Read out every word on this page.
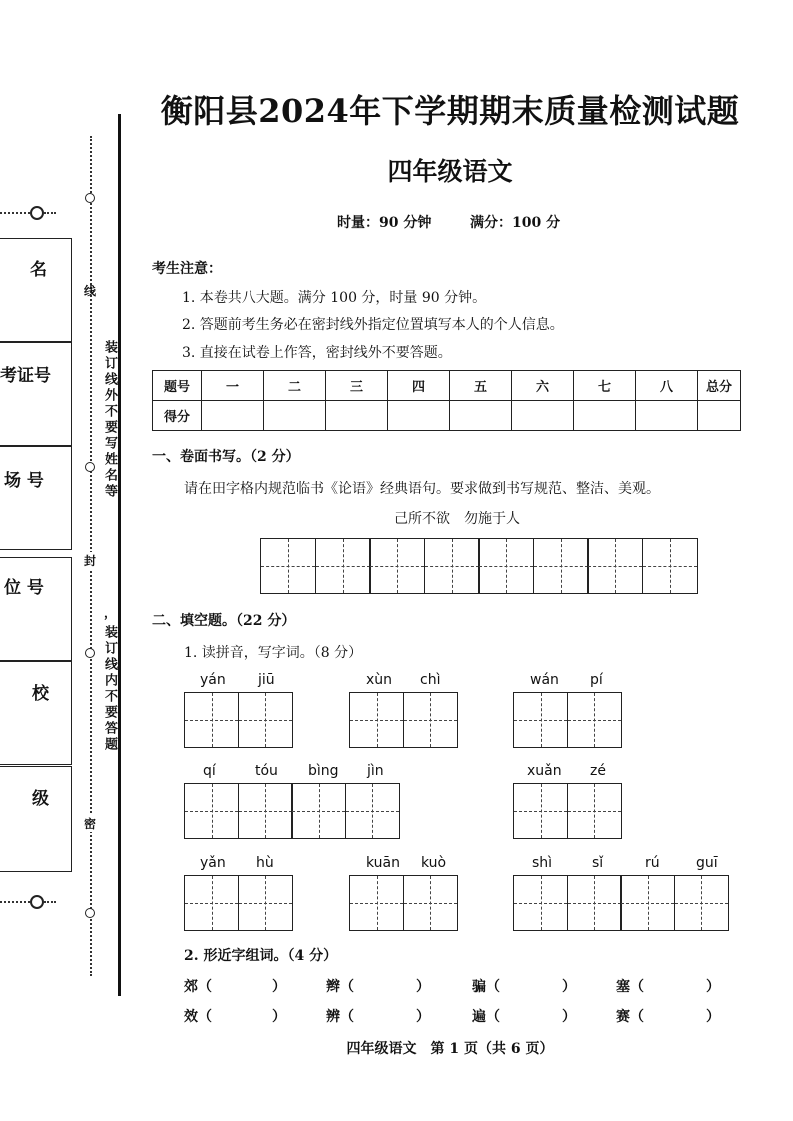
名
考证号
场 号
位 号
校
级
线
封
密
装订线外不要写姓名等
装订线内不要答题
，
衡阳县2024年下学期期末质量检测试题
四年级语文
时量：90 分钟	满分：100 分
考生注意：
1. 本卷共八大题。满分 100 分，时量 90 分钟。
2. 答题前考生务必在密封线外指定位置填写本人的个人信息。
3. 直接在试卷上作答，密封线外不要答题。
题号	一	二	三	四	五	六	七	八	总分
得分									
一、卷面书写。（2 分）
请在田字格内规范临书《论语》经典语句。要求做到书写规范、整洁、美观。
己所不欲　勿施于人
二、填空题。（22 分）
1. 读拼音，写字词。（8 分）
yán jiū	xùn chì	wán pí
qí	tóu bìng jìn	xuǎn zé
yǎn hù	kuān kuò	shì	sǐ	rú	guī
2. 形近字组词。（4 分）
郊（	）	辫（	）	骗（	）	塞（	）
效（	）	辨（	）	遍（	）	赛（	）
四年级语文　第 1 页（共 6 页）
